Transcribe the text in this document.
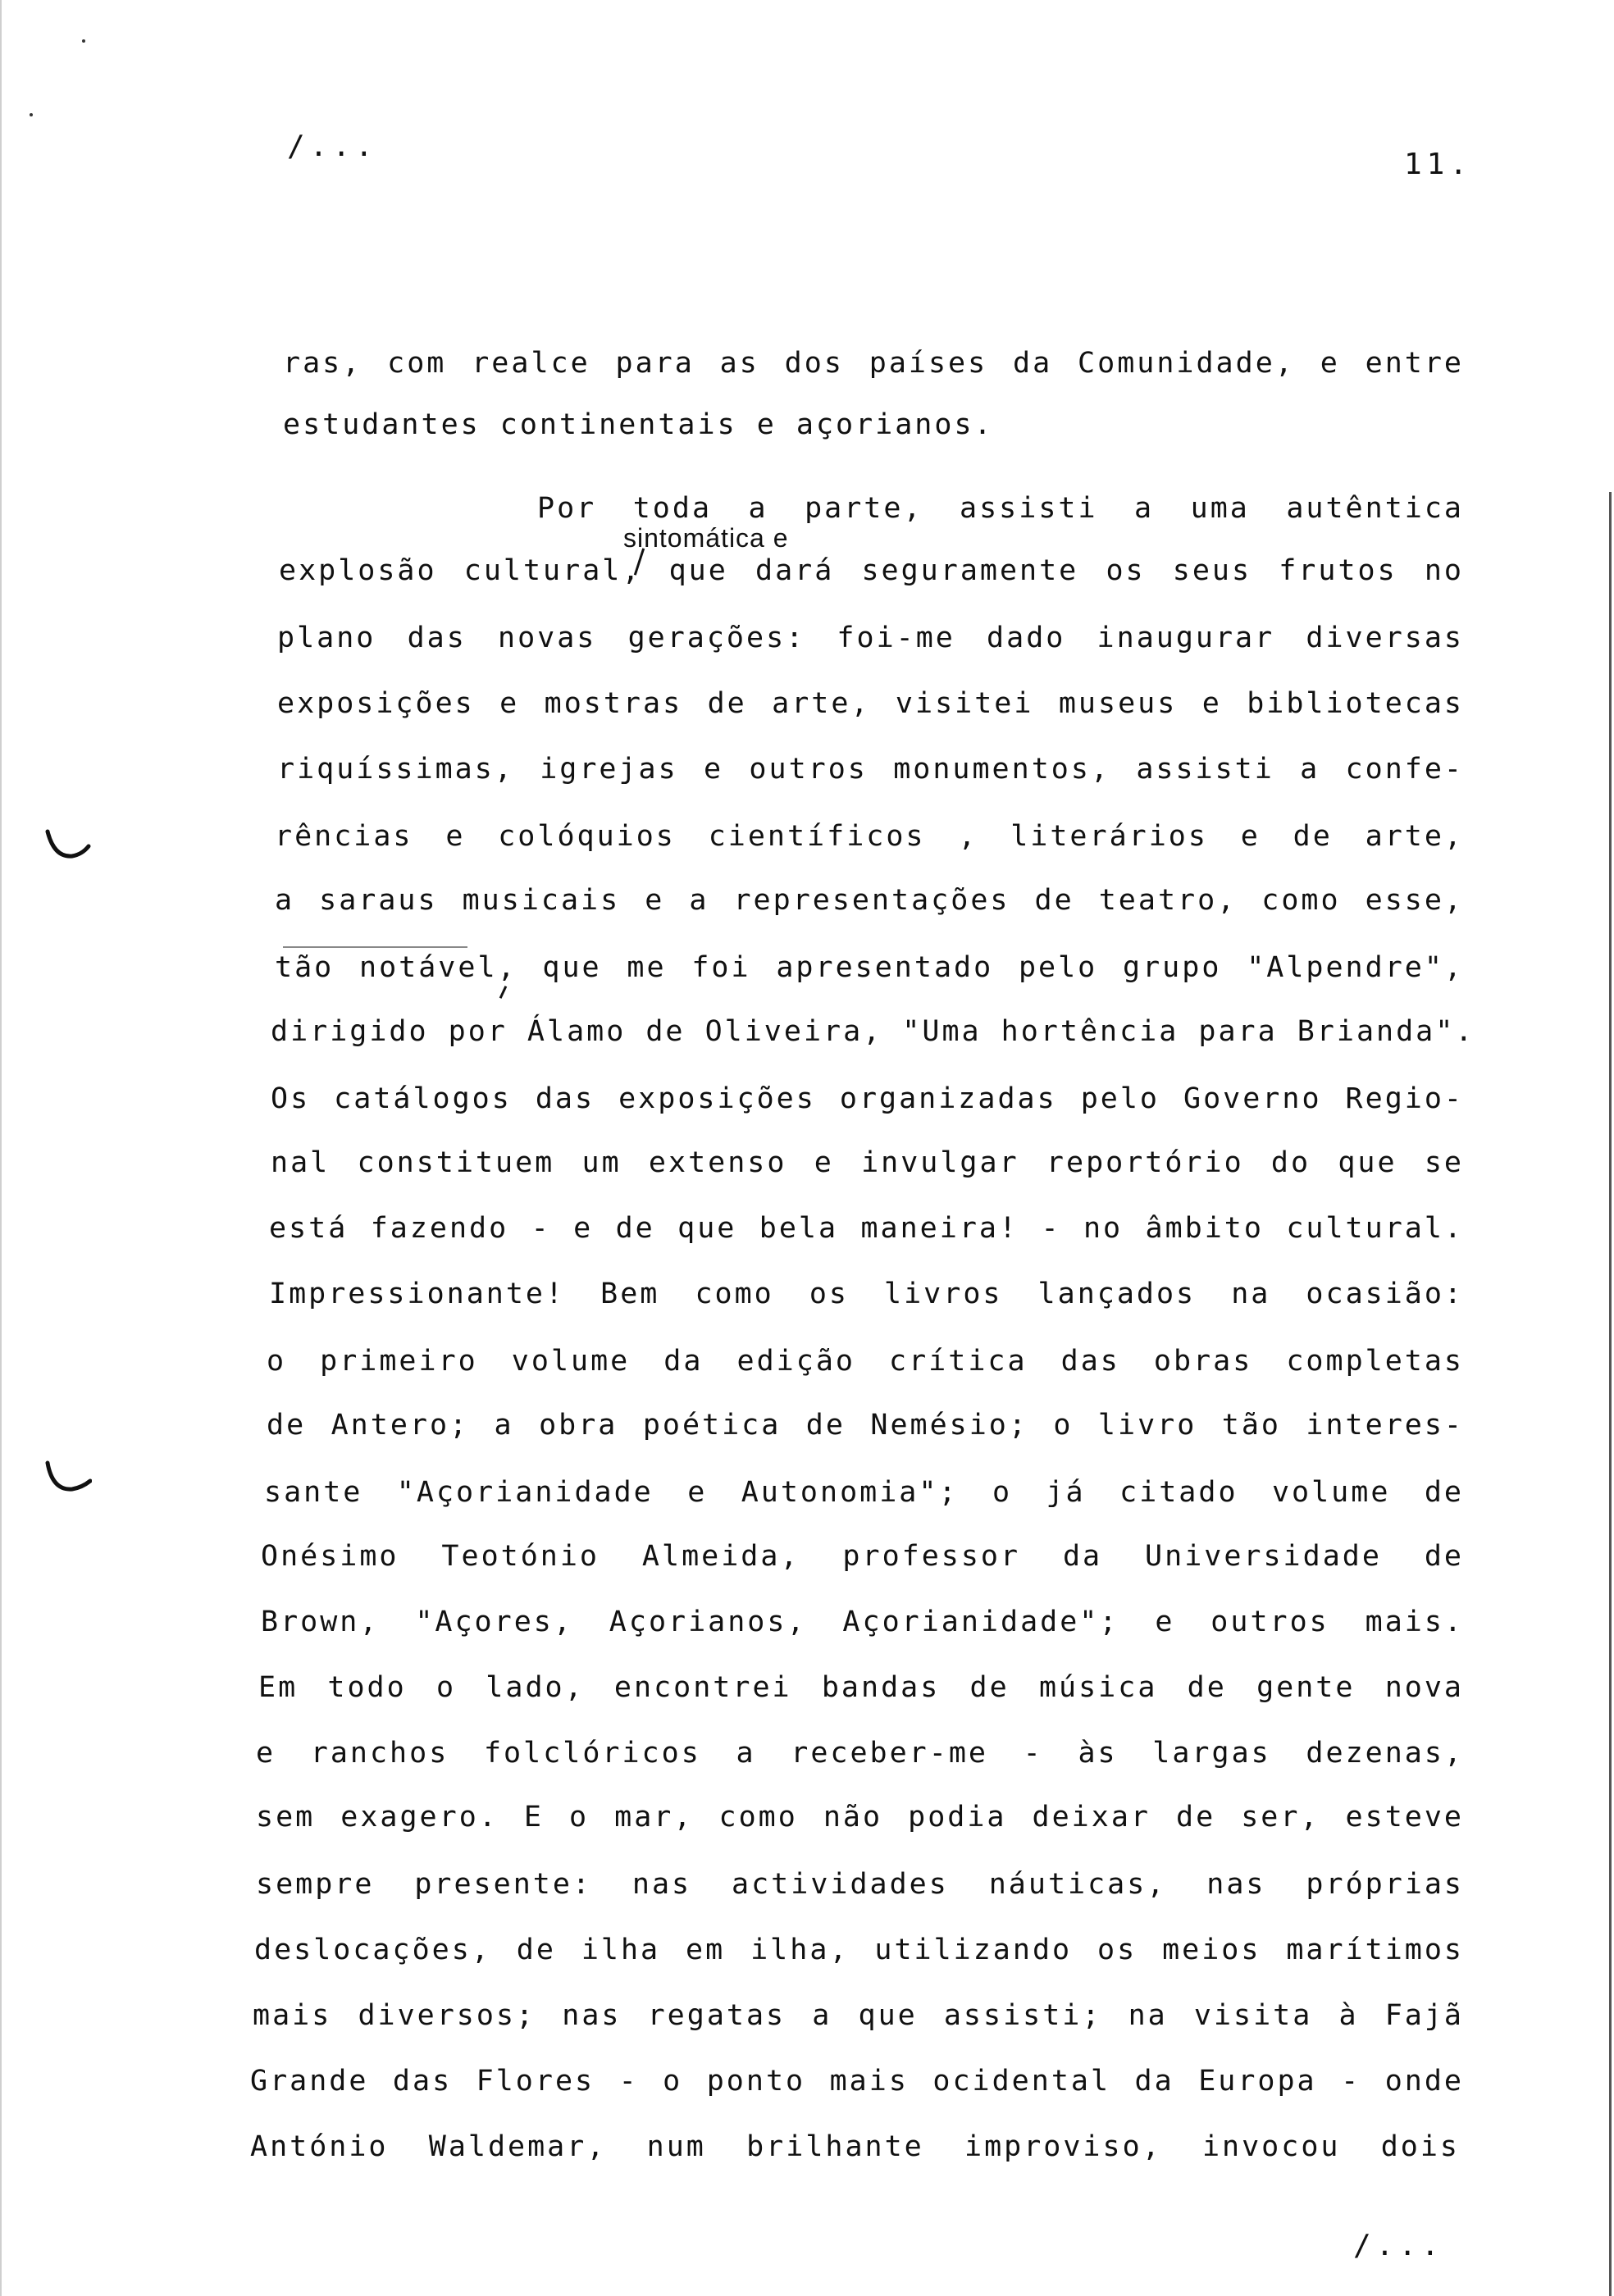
/...
11.
sintomática e
ras, com realce para as dos países da Comunidade, e entre
estudantes continentais e açorianos.
Por toda a parte, assisti a uma autêntica
explosão cultural, que dará seguramente os seus frutos no
plano das novas gerações: foi-me dado inaugurar diversas
exposições e mostras de arte, visitei museus e bibliotecas
riquíssimas, igrejas e outros monumentos, assisti a confe-
rências e colóquios científicos , literários e de arte,
a saraus musicais e a representações de teatro, como esse,
tão notável, que me foi apresentado pelo grupo "Alpendre",
dirigido por Álamo de Oliveira, "Uma hortência para Brianda".
Os catálogos das exposições organizadas pelo Governo Regio-
nal constituem um extenso e invulgar reportório do que se
está fazendo - e de que bela maneira! - no âmbito cultural.
Impressionante! Bem como os livros lançados na ocasião:
o primeiro volume da edição crítica das obras completas
de Antero; a obra poética de Nemésio; o livro tão interes-
sante "Açorianidade e Autonomia"; o já citado volume de
Onésimo Teotónio Almeida, professor da Universidade de
Brown, "Açores, Açorianos, Açorianidade"; e outros mais.
Em todo o lado, encontrei bandas de música de gente nova
e ranchos folclóricos a receber-me - às largas dezenas,
sem exagero. E o mar, como não podia deixar de ser, esteve
sempre presente: nas actividades náuticas, nas próprias
deslocações, de ilha em ilha, utilizando os meios marítimos
mais diversos; nas regatas a que assisti; na visita à Fajã
Grande das Flores - o ponto mais ocidental da Europa - onde
António Waldemar, num brilhante improviso, invocou dois
/...
